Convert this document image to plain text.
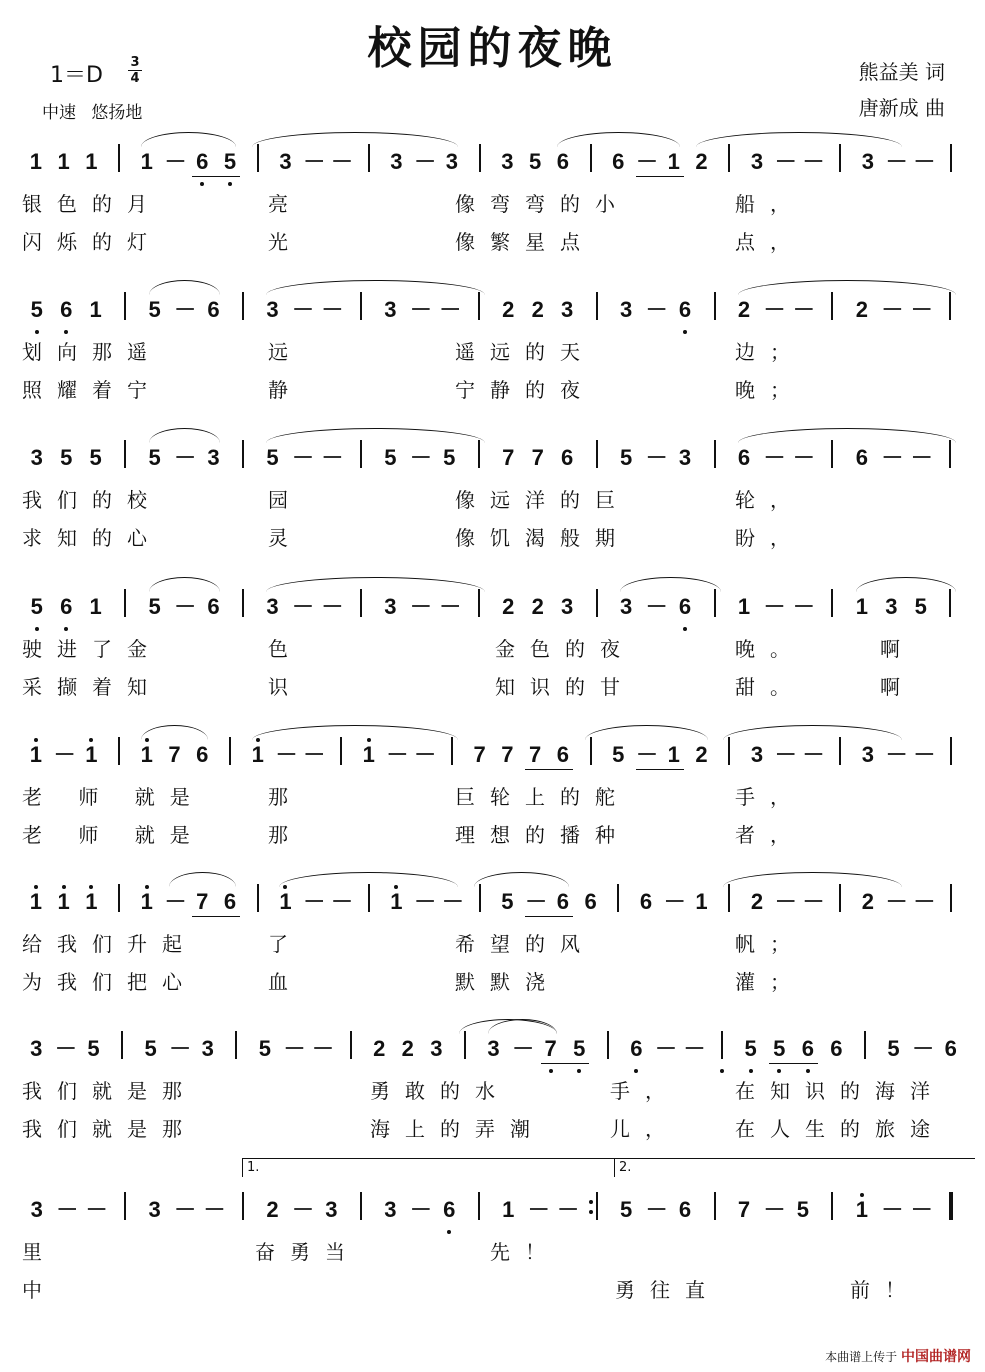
校园的夜晚
1＝D
3
4
中速 悠扬地
熊益美 词
唐新成 曲
1 1 1 1 － 6 5 3 － － 3 － 3 3 5 6 6 － 1 2 3 － － 3 － －
银色的月	亮	像弯弯的小	船，
闪烁的灯	光	像繁星点	点，
5 6 1 5 － 6 3 － － 3 － － 2 2 3 3 － 6 2 － － 2 － －
划向那遥	远	遥远的天	边；
照耀着宁	静	宁静的夜	晚；
3 5 5 5 － 3 5 － － 5 － 5 7 7 6 5 － 3 6 － － 6 － －
我们的校	园	像远洋的巨	轮，
求知的心	灵	像饥渴般期	盼，
5 6 1 5 － 6 3 － － 3 － － 2 2 3 3 － 6 1 － － 1 3 5
驶进了金	色	金色的夜	晚。	啊
采撷着知	识	知识的甘	甜。	啊
1 － 1 1 7 6 1 － － 1 － － 7 7 7 6 5 － 1 2 3 － － 3 － －
老 师 就是	那	巨轮上的舵	手，
老 师 就是	那	理想的播种	者，
1 1 1 1 － 7 6 1 － － 1 － － 5 － 6 6 6 － 1 2 － － 2 － －
给我们升起	了	希望的风	帆；
为我们把心	血	默默浇	灌；
3 － 5 5 － 3 5 － － 2 2 3 3 － 7 5 6 － － 5 5 6 6 5 － 6
我们就是那	勇敢的水	手，	在知识的海洋
我们就是那	海上的弄潮	儿，	在人生的旅途
3 － － 3 － － 2 － 3 3 － 6 1 － － 5 － 6 7 － 5 1 － －
里	奋勇当	先！
中	勇往直	前！
1.	2.
本曲谱上传于 中国曲谱网
